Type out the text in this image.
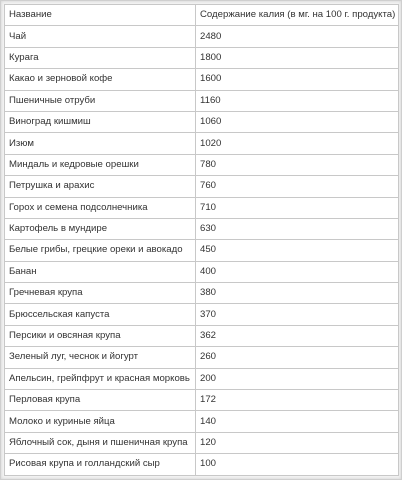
Название	Содержание калия (в мг. на 100 г. продукта)
Чай	2480
Курага	1800
Какао и зерновой кофе	1600
Пшеничные отруби	1160
Виноград кишмиш	1060
Изюм	1020
Миндаль и кедровые орешки	780
Петрушка и арахис	760
Горох и семена подсолнечника	710
Картофель в мундире	630
Белые грибы, грецкие ореки и авокадо	450
Банан	400
Гречневая крупа	380
Брюссельская капуста	370
Персики и овсяная крупа	362
Зеленый луг, чеснок и йогурт	260
Апельсин, грейпфрут и красная морковь	200
Перловая крупа	172
Молоко и куриные яйца	140
Яблочный сок, дыня и пшеничная крупа	120
Рисовая крупа и голландский сыр	100
